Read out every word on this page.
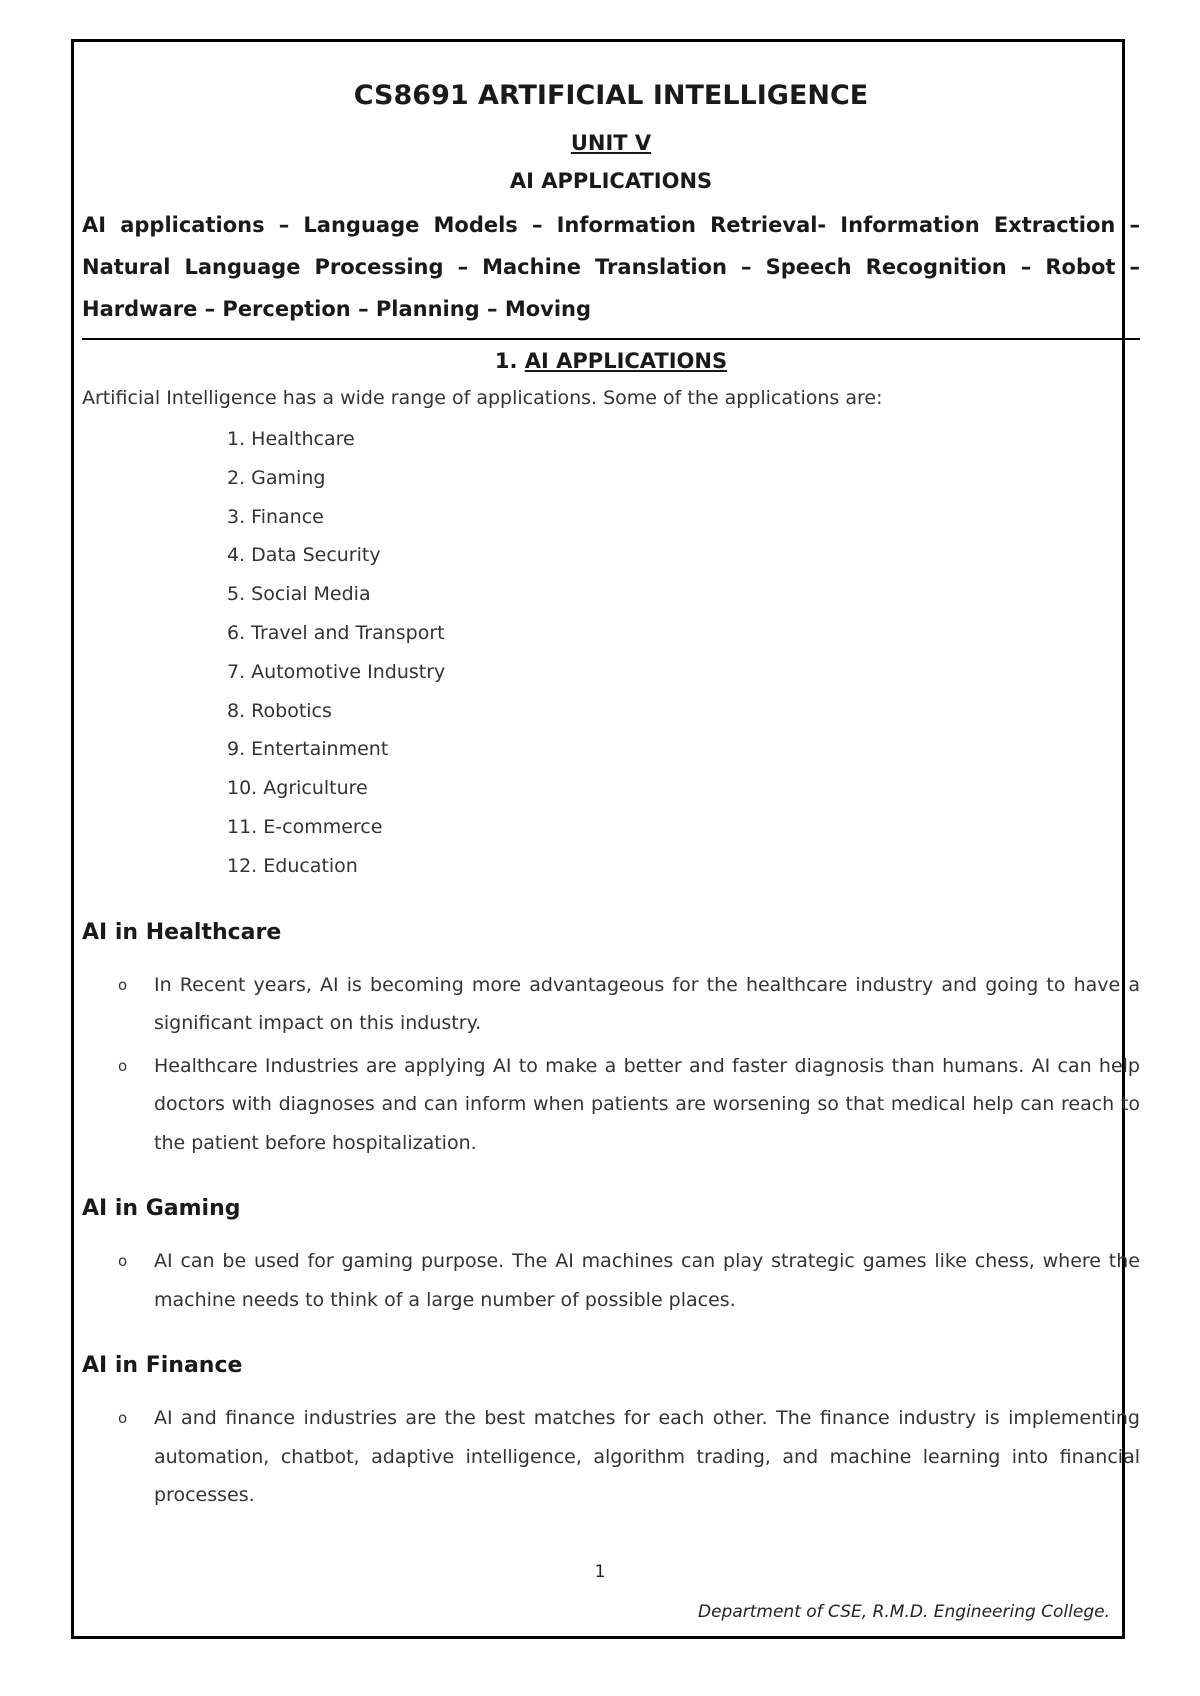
CS8691 ARTIFICIAL INTELLIGENCE
UNIT V
AI APPLICATIONS

AI applications – Language Models – Information Retrieval- Information Extraction – Natural Language Processing – Machine Translation – Speech Recognition – Robot – Hardware – Perception – Planning – Moving

1. AI APPLICATIONS

Artificial Intelligence has a wide range of applications. Some of the applications are:

1. Healthcare
2. Gaming
3. Finance
4. Data Security
5. Social Media
6. Travel and Transport
7. Automotive Industry
8. Robotics
9. Entertainment
10. Agriculture
11. E-commerce
12. Education
AI in Healthcare
o In Recent years, AI is becoming more advantageous for the healthcare industry and going to have a significant impact on this industry.
o Healthcare Industries are applying AI to make a better and faster diagnosis than humans. AI can help doctors with diagnoses and can inform when patients are worsening so that medical help can reach to the patient before hospitalization.
AI in Gaming
o AI can be used for gaming purpose. The AI machines can play strategic games like chess, where the machine needs to think of a large number of possible places.
AI in Finance
o AI and finance industries are the best matches for each other. The finance industry is implementing automation, chatbot, adaptive intelligence, algorithm trading, and machine learning into financial processes.
1
Department of CSE, R.M.D. Engineering College.
